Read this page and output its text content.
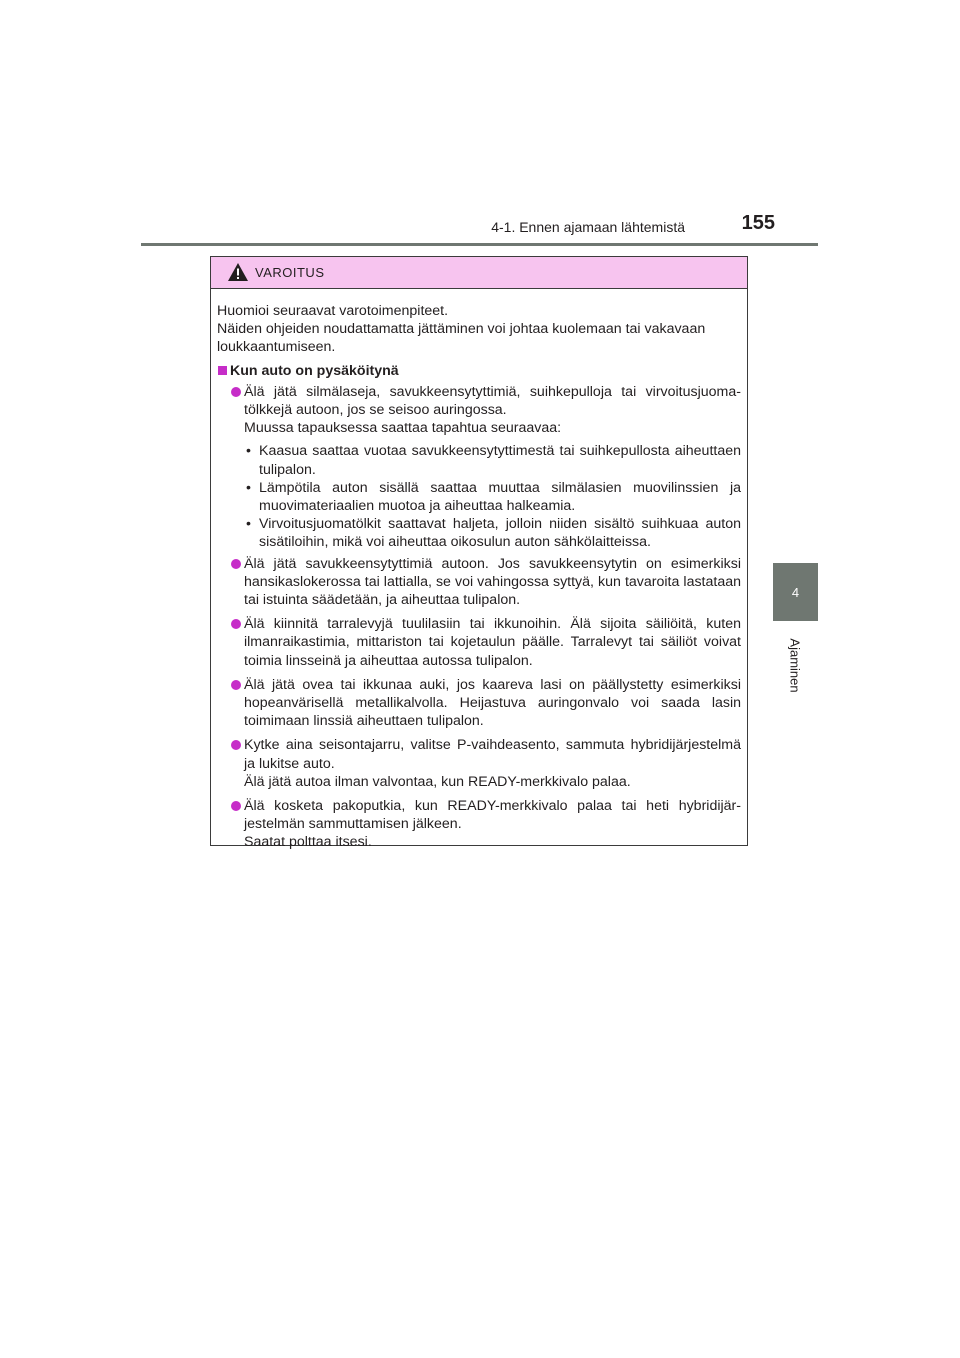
4-1. Ennen ajamaan lähtemistä	155
4
Ajaminen
VAROITUS

Huomioi seuraavat varotoimenpiteet.

Näiden ohjeiden noudattamatta jättäminen voi johtaa kuolemaan tai vakavaan loukkaantumiseen.

Kun auto on pysäköitynä
Älä jätä silmälaseja, savukkeensytyttimiä, suihkepulloja tai virvoitusjuomatölkkejä autoon, jos se seisoo auringossa.
Muussa tapauksessa saattaa tapahtua seuraavaa:
• Kaasua saattaa vuotaa savukkeensytyttimestä tai suihkepullosta aiheuttaen tulipalon.
• Lämpötila auton sisällä saattaa muuttaa silmälasien muovilinssien ja muovimateriaalien muotoa ja aiheuttaa halkeamia.
• Virvoitusjuomatölkit saattavat haljeta, jolloin niiden sisältö suihkuaa auton sisätiloihin, mikä voi aiheuttaa oikosulun auton sähkölaitteissa.
Älä jätä savukkeensytyttimiä autoon. Jos savukkeensytytin on esimerkiksi hansikaslokerossa tai lattialla, se voi vahingossa syttyä, kun tavaroita lastataan tai istuinta säädetään, ja aiheuttaa tulipalon.
Älä kiinnitä tarralevyjä tuulilasiin tai ikkunoihin. Älä sijoita säiliöitä, kuten ilmanraikastimia, mittariston tai kojetaulun päälle. Tarralevyt tai säiliöt voivat toimia linsseinä ja aiheuttaa autossa tulipalon.
Älä jätä ovea tai ikkunaa auki, jos kaareva lasi on päällystetty esimerkiksi hopeanvärisellä metallikalvolla. Heijastuva auringonvalo voi saada lasin toimimaan linssiä aiheuttaen tulipalon.
Kytke aina seisontajarru, valitse P-vaihdeasento, sammuta hybridijärjestelmä ja lukitse auto.
Älä jätä autoa ilman valvontaa, kun READY-merkkivalo palaa.
Älä kosketa pakoputkia, kun READY-merkkivalo palaa tai heti hybridijärjestelmän sammuttamisen jälkeen.
Saatat polttaa itsesi.
